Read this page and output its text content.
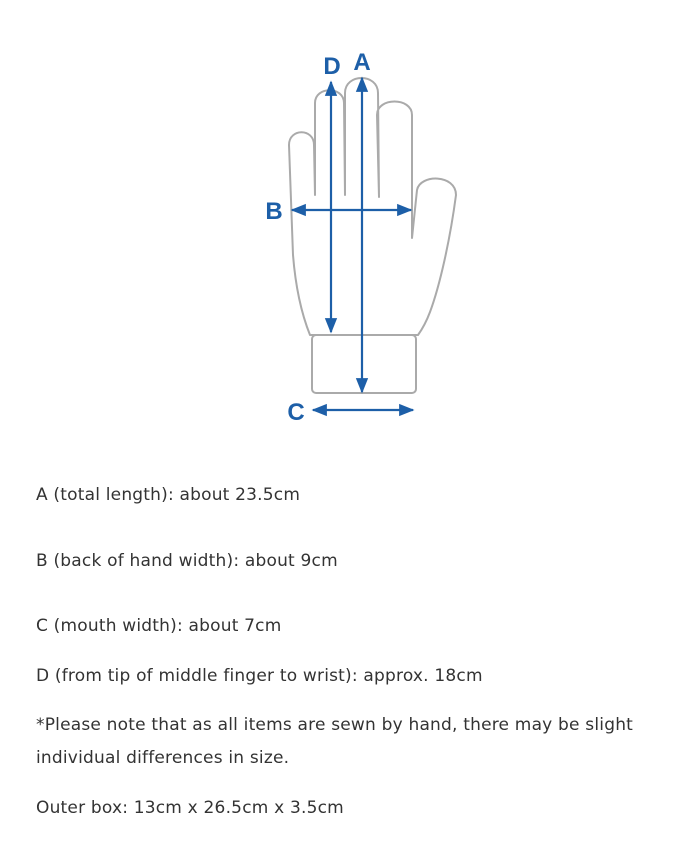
D A
B
C

A (total length): about 23.5cm

B (back of hand width): about 9cm

C (mouth width): about 7cm

D (from tip of middle finger to wrist): approx. 18cm

*Please note that as all items are sewn by hand, there may be slight individual differences in size.

Outer box: 13cm x 26.5cm x 3.5cm
